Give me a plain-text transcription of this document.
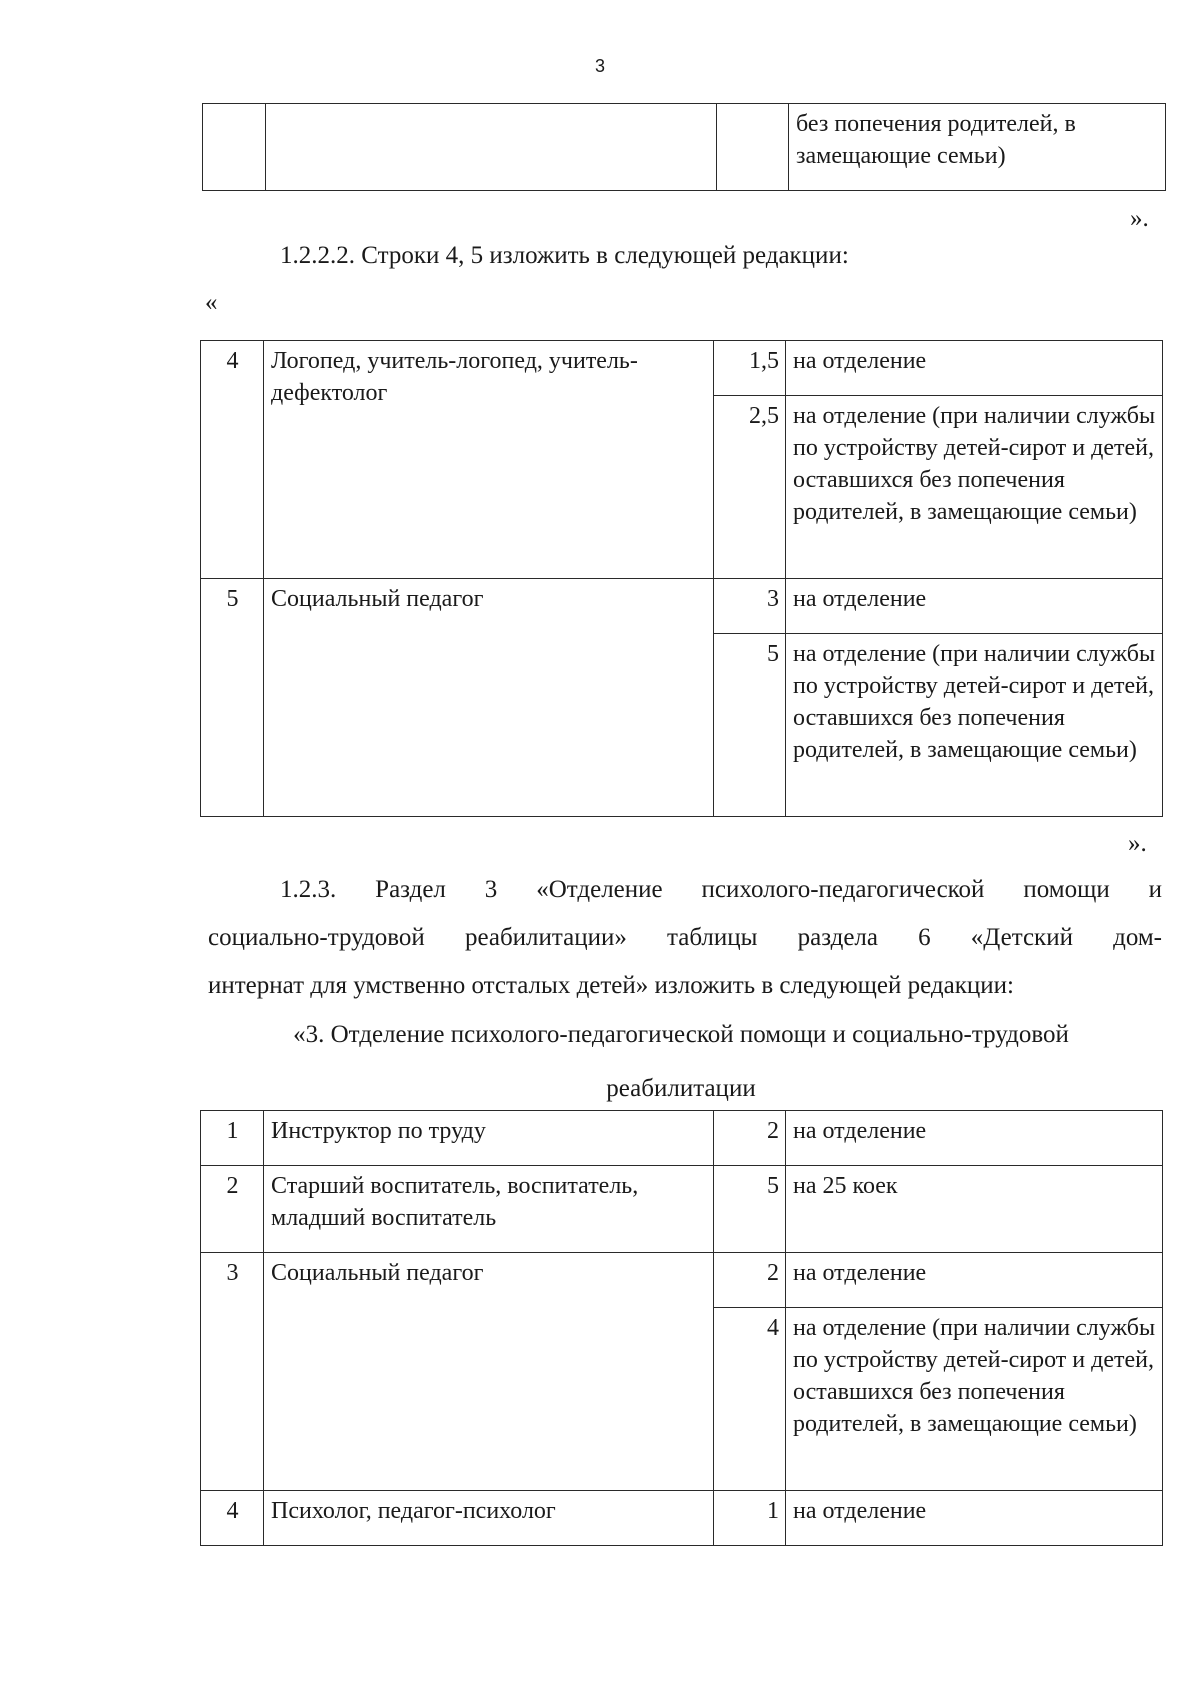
3
			без попечения родителей, в замещающие семьи)
».

1.2.2.2. Строки 4, 5 изложить в следующей редакции:

«
4	Логопед, учитель-логопед, учитель-дефектолог	1,5	на отделение
		2,5	на отделение (при наличии службы по устройству детей-сирот и детей, оставшихся без попечения родителей, в замещающие семьи)
5	Социальный педагог	3	на отделение
		5	на отделение (при наличии службы по устройству детей-сирот и детей, оставшихся без попечения родителей, в замещающие семьи)
».
1.2.3. Раздел 3 «Отделение психолого-педагогической помощи и
социально-трудовой реабилитации» таблицы раздела 6 «Детский дом-
интернат для умственно отсталых детей» изложить в следующей редакции:
«3. Отделение психолого-педагогической помощи и социально-трудовой
реабилитации
1	Инструктор по труду	2	на отделение
2	Старший воспитатель, воспитатель, младший воспитатель	5	на 25 коек
3	Социальный педагог	2	на отделение
		4	на отделение (при наличии службы по устройству детей-сирот и детей, оставшихся без попечения родителей, в замещающие семьи)
4	Психолог, педагог-психолог	1	на отделение
